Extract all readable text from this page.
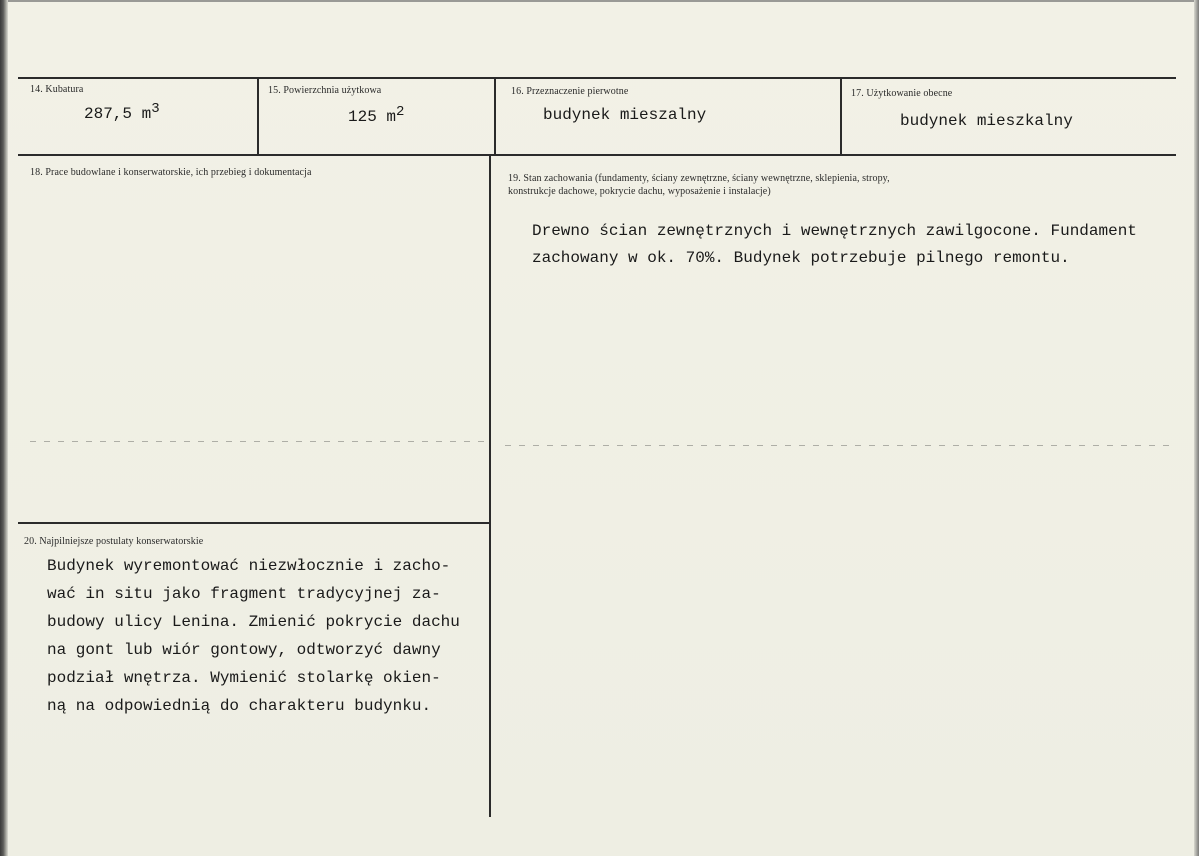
14. Kubatura
287,5 $m^3$
15. Powierzchnia użytkowa
125 $m^2$
16. Przeznaczenie pierwotne
budynek mieszalny
17. Użytkowanie obecne
budynek mieszkalny
18. Prace budowlane i konserwatorskie, ich przebieg i dokumentacja
19. Stan zachowania (fundamenty, ściany zewnętrzne, ściany wewnętrzne, sklepienia, stropy,
konstrukcje dachowe, pokrycie dachu, wyposażenie i instalacje)
Drewno ścian zewnętrznych i wewnętrznych zawilgocone. Fundament
zachowany w ok. 70%. Budynek potrzebuje pilnego remontu.
20. Najpilniejsze postulaty konserwatorskie
Budynek wyremontować niezwłocznie i zacho-
wać in situ jako fragment tradycyjnej za-
budowy ulicy Lenina. Zmienić pokrycie dachu
na gont lub wiór gontowy, odtworzyć dawny
podział wnętrza. Wymienić stolarkę okien-
ną na odpowiednią do charakteru budynku.
